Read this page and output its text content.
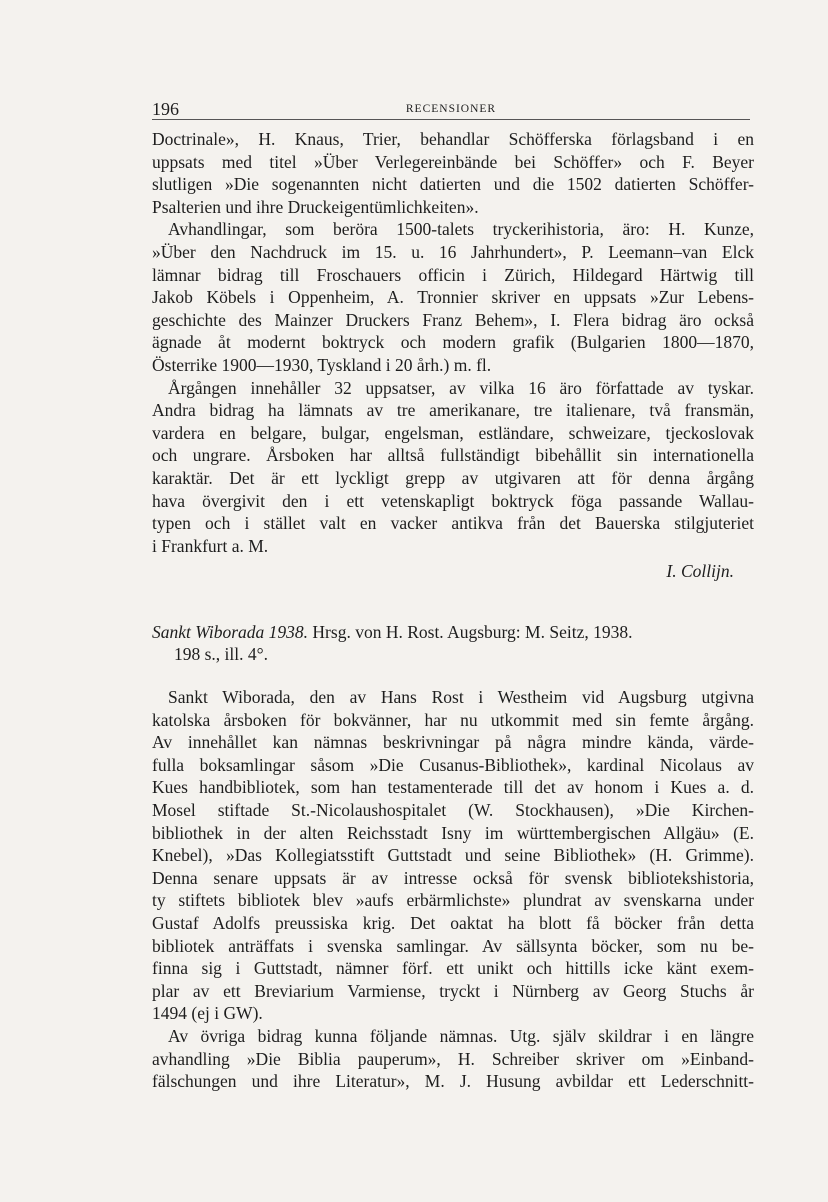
196	RECENSIONER
Doctrinale», H. Knaus, Trier, behandlar Schöfferska förlagsband i en
uppsats med titel »Über Verlegereinbände bei Schöffer» och F. Beyer
slutligen »Die sogenannten nicht datierten und die 1502 datierten Schöffer-
Psalterien und ihre Druckeigentümlichkeiten».
Avhandlingar, som beröra 1500-talets tryckerihistoria, äro: H. Kunze,
»Über den Nachdruck im 15. u. 16 Jahrhundert», P. Leemann–van Elck
lämnar bidrag till Froschauers officin i Zürich, Hildegard Härtwig till
Jakob Köbels i Oppenheim, A. Tronnier skriver en uppsats »Zur Lebens-
geschichte des Mainzer Druckers Franz Behem», I. Flera bidrag äro också
ägnade åt modernt boktryck och modern grafik (Bulgarien 1800—1870,
Österrike 1900—1930, Tyskland i 20 årh.) m. fl.
Årgången innehåller 32 uppsatser, av vilka 16 äro författade av tyskar.
Andra bidrag ha lämnats av tre amerikanare, tre italienare, två fransmän,
vardera en belgare, bulgar, engelsman, estländare, schweizare, tjeckoslovak
och ungrare. Årsboken har alltså fullständigt bibehållit sin internationella
karaktär. Det är ett lyckligt grepp av utgivaren att för denna årgång
hava övergivit den i ett vetenskapligt boktryck föga passande Wallau-
typen och i stället valt en vacker antikva från det Bauerska stilgjuteriet
i Frankfurt a. M.
I. Collijn.
Sankt Wiborada 1938. Hrsg. von H. Rost. Augsburg: M. Seitz, 1938.
198 s., ill. 4°.
Sankt Wiborada, den av Hans Rost i Westheim vid Augsburg utgivna
katolska årsboken för bokvänner, har nu utkommit med sin femte årgång.
Av innehållet kan nämnas beskrivningar på några mindre kända, värde-
fulla boksamlingar såsom »Die Cusanus-Bibliothek», kardinal Nicolaus av
Kues handbibliotek, som han testamenterade till det av honom i Kues a. d.
Mosel stiftade St.-Nicolaushospitalet (W. Stockhausen), »Die Kirchen-
bibliothek in der alten Reichsstadt Isny im württembergischen Allgäu» (E.
Knebel), »Das Kollegiatsstift Guttstadt und seine Bibliothek» (H. Grimme).
Denna senare uppsats är av intresse också för svensk bibliotekshistoria,
ty stiftets bibliotek blev »aufs erbärmlichste» plundrat av svenskarna under
Gustaf Adolfs preussiska krig. Det oaktat ha blott få böcker från detta
bibliotek anträffats i svenska samlingar. Av sällsynta böcker, som nu be-
finna sig i Guttstadt, nämner förf. ett unikt och hittills icke känt exem-
plar av ett Breviarium Varmiense, tryckt i Nürnberg av Georg Stuchs år
1494 (ej i GW).
Av övriga bidrag kunna följande nämnas. Utg. själv skildrar i en längre
avhandling »Die Biblia pauperum», H. Schreiber skriver om »Einband-
fälschungen und ihre Literatur», M. J. Husung avbildar ett Lederschnitt-
